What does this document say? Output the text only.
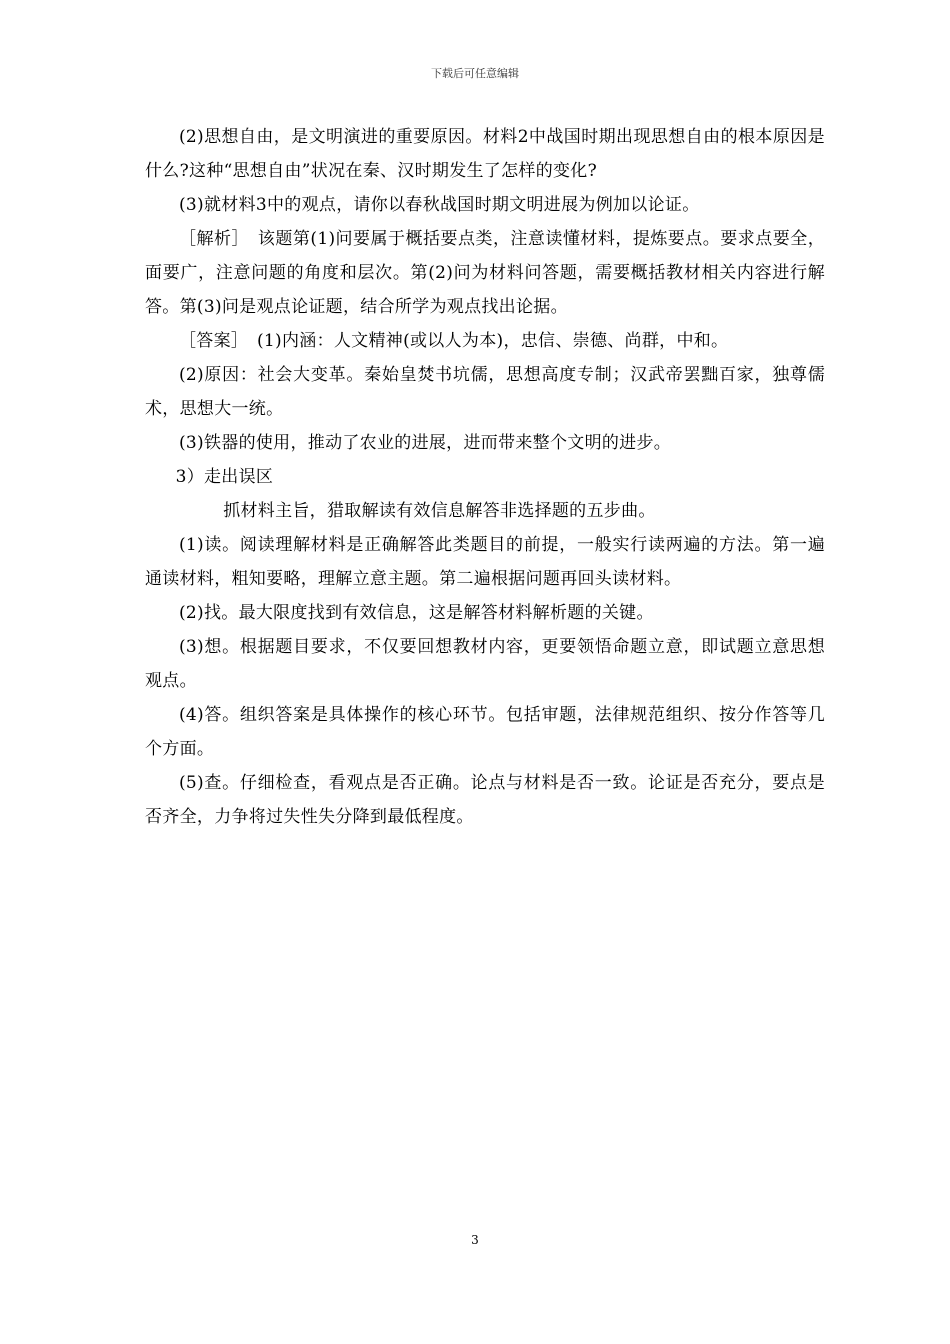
下载后可任意编辑

(2)思想自由，是文明演进的重要原因。材料2中战国时期出现思想自由的根本原因是什么?这种“思想自由”状况在秦、汉时期发生了怎样的变化?

(3)就材料3中的观点，请你以春秋战国时期文明进展为例加以论证。

［解析］　该题第(1)问要属于概括要点类，注意读懂材料，提炼要点。要求点要全，面要广，注意问题的角度和层次。第(2)问为材料问答题，需要概括教材相关内容进行解答。第(3)问是观点论证题，结合所学为观点找出论据。

［答案］　(1)内涵：人文精神(或以人为本)，忠信、崇德、尚群，中和。

(2)原因：社会大变革。秦始皇焚书坑儒，思想高度专制；汉武帝罢黜百家，独尊儒术，思想大一统。

(3)铁器的使用，推动了农业的进展，进而带来整个文明的进步。

3）走出误区

抓材料主旨，猎取解读有效信息解答非选择题的五步曲。

(1)读。阅读理解材料是正确解答此类题目的前提，一般实行读两遍的方法。第一遍通读材料，粗知要略，理解立意主题。第二遍根据问题再回头读材料。

(2)找。最大限度找到有效信息，这是解答材料解析题的关键。

(3)想。根据题目要求，不仅要回想教材内容，更要领悟命题立意，即试题立意思想观点。

(4)答。组织答案是具体操作的核心环节。包括审题，法律规范组织、按分作答等几个方面。

(5)查。仔细检查，看观点是否正确。论点与材料是否一致。论证是否充分，要点是否齐全，力争将过失性失分降到最低程度。

3
